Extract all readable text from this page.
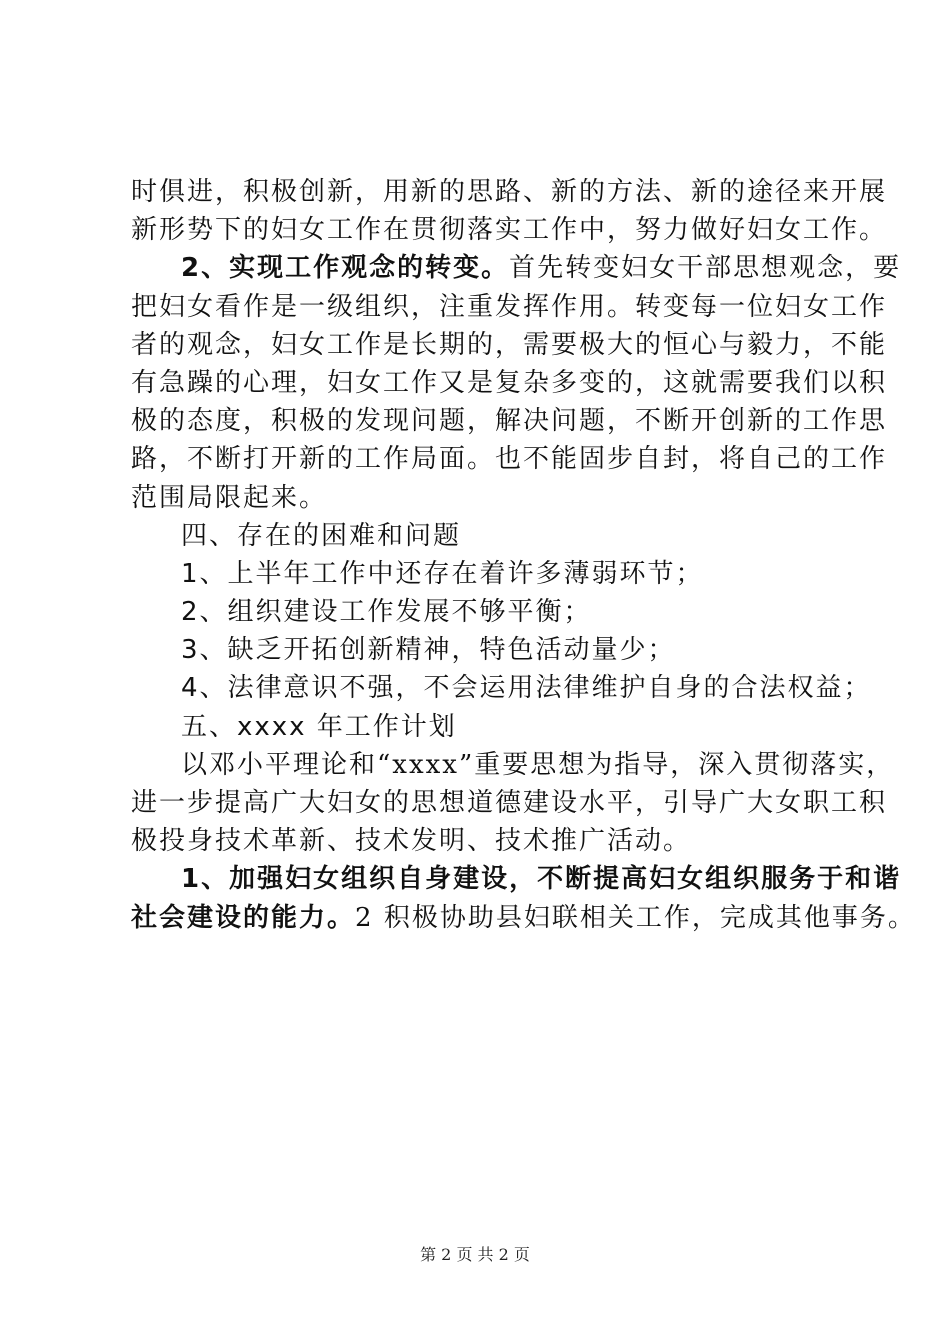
时俱进，积极创新，用新的思路、新的方法、新的途径来开展
新形势下的妇女工作在贯彻落实工作中，努力做好妇女工作。
2、实现工作观念的转变。首先转变妇女干部思想观念，要
把妇女看作是一级组织，注重发挥作用。转变每一位妇女工作
者的观念，妇女工作是长期的，需要极大的恒心与毅力，不能
有急躁的心理，妇女工作又是复杂多变的，这就需要我们以积
极的态度，积极的发现问题，解决问题，不断开创新的工作思
路，不断打开新的工作局面。也不能固步自封，将自己的工作
范围局限起来。
四、存在的困难和问题
1、上半年工作中还存在着许多薄弱环节；
2、组织建设工作发展不够平衡；
3、缺乏开拓创新精神，特色活动量少；
4、法律意识不强，不会运用法律维护自身的合法权益；
五、xxxx 年工作计划
以邓小平理论和“xxxx”重要思想为指导，深入贯彻落实，
进一步提高广大妇女的思想道德建设水平，引导广大女职工积
极投身技术革新、技术发明、技术推广活动。
1、加强妇女组织自身建设，不断提高妇女组织服务于和谐
社会建设的能力。2 积极协助县妇联相关工作，完成其他事务。
第 2 页 共 2 页
